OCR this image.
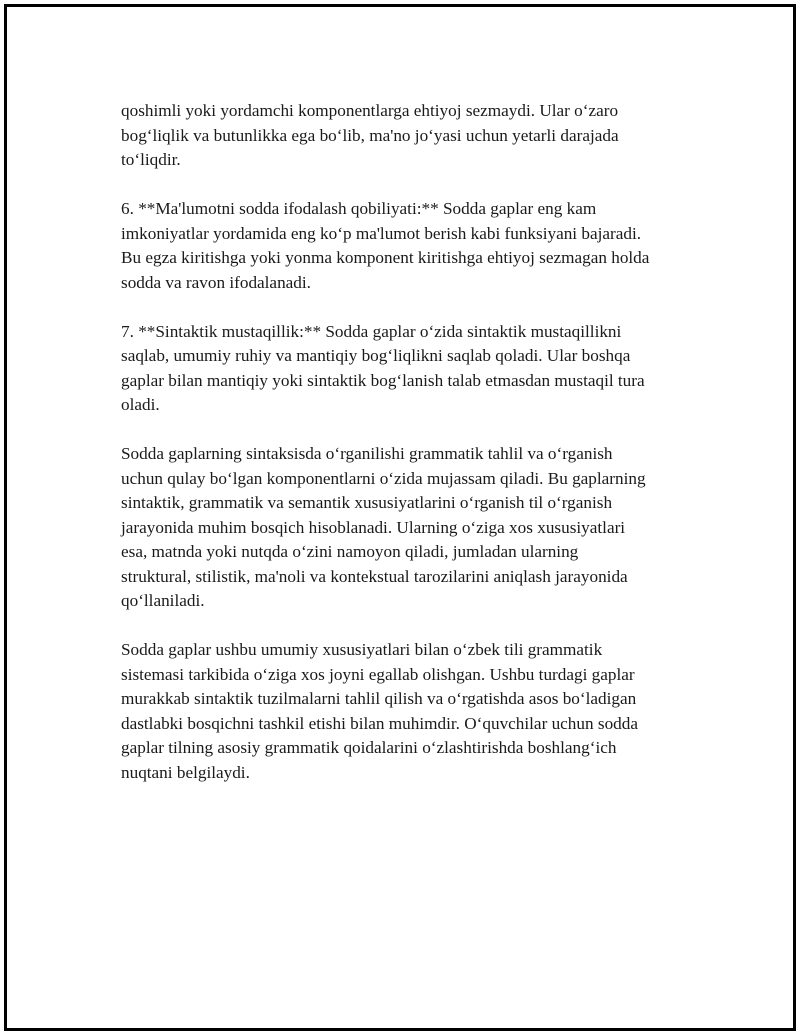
qoshimli yoki yordamchi komponentlarga ehtiyoj sezmaydi. Ular o‘zaro
bog‘liqlik va butunlikka ega bo‘lib, ma'no jo‘yasi uchun yetarli darajada
to‘liqdir.

6. **Ma'lumotni sodda ifodalash qobiliyati:** Sodda gaplar eng kam
imkoniyatlar yordamida eng ko‘p ma'lumot berish kabi funksiyani bajaradi.
Bu egza kiritishga yoki yonma komponent kiritishga ehtiyoj sezmagan holda
sodda va ravon ifodalanadi.

7. **Sintaktik mustaqillik:** Sodda gaplar o‘zida sintaktik mustaqillikni
saqlab, umumiy ruhiy va mantiqiy bog‘liqlikni saqlab qoladi. Ular boshqa
gaplar bilan mantiqiy yoki sintaktik bog‘lanish talab etmasdan mustaqil tura
oladi.

Sodda gaplarning sintaksisda o‘rganilishi grammatik tahlil va o‘rganish
uchun qulay bo‘lgan komponentlarni o‘zida mujassam qiladi. Bu gaplarning
sintaktik, grammatik va semantik xususiyatlarini o‘rganish til o‘rganish
jarayonida muhim bosqich hisoblanadi. Ularning o‘ziga xos xususiyatlari
esa, matnda yoki nutqda o‘zini namoyon qiladi, jumladan ularning
struktural, stilistik, ma'noli va kontekstual tarozilarini aniqlash jarayonida
qo‘llaniladi.

Sodda gaplar ushbu umumiy xususiyatlari bilan o‘zbek tili grammatik
sistemasi tarkibida o‘ziga xos joyni egallab olishgan. Ushbu turdagi gaplar
murakkab sintaktik tuzilmalarni tahlil qilish va o‘rgatishda asos bo‘ladigan
dastlabki bosqichni tashkil etishi bilan muhimdir. O‘quvchilar uchun sodda
gaplar tilning asosiy grammatik qoidalarini o‘zlashtirishda boshlang‘ich
nuqtani belgilaydi.
